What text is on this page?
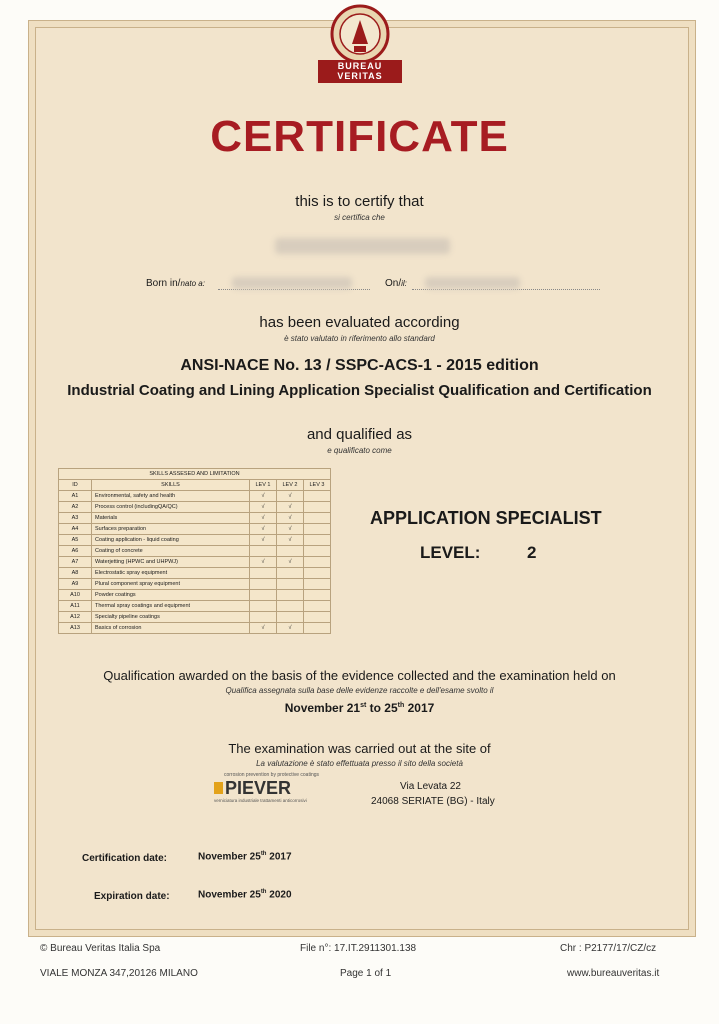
BUREAU
VERITAS
CERTIFICATE
this is to certify that
si certifica che
Born in/nato a:	On/il:
has been evaluated according
è stato valutato in riferimento allo standard
ANSI-NACE No. 13 / SSPC-ACS-1 - 2015 edition
Industrial Coating and Lining Application Specialist Qualification and Certification
and qualified as
e qualificato come
SKILLS ASSESED AND LIMITATION				
ID	SKILLS	LEV 1	LEV 2	LEV 3
A1	Environmental, safety and health	√	√	
A2	Process control (includingQA/QC)	√	√	
A3	Materials	√	√	
A4	Surfaces preparation	√	√	
A5	Coating application - liquid coating	√	√	
A6	Coating of concrete			
A7	Waterjetting (HPWC and UHPWJ)	√	√	
A8	Electrostatic spray equipment			
A9	Plural component spray equipment			
A10	Powder coatings			
A11	Thermal spray coatings and equipment			
A12	Specialty pipeline coatings			
A13	Basics of corrosion	√	√	
APPLICATION SPECIALIST
LEVEL:	2
Qualification awarded on the basis of the evidence collected and the examination held on
Qualifica assegnata sulla base delle evidenze raccolte e dell'esame svolto il
November 21st to 25th 2017
The examination was carried out at the site of
La valutazione è stato effettuata presso il sito della società
corrosion prevention by protective coatings
PIEVER
verniciatura industriale trattamenti anticorrosivi
Via Levata 22
24068 SERIATE (BG) - Italy
Certification date:	November 25th 2017
Expiration date:	November 25th 2020
© Bureau Veritas Italia Spa	File n°: 17.IT.2911301.138	Chr : P2177/17/CZ/cz
VIALE MONZA 347,20126 MILANO	Page 1 of 1	www.bureauveritas.it
